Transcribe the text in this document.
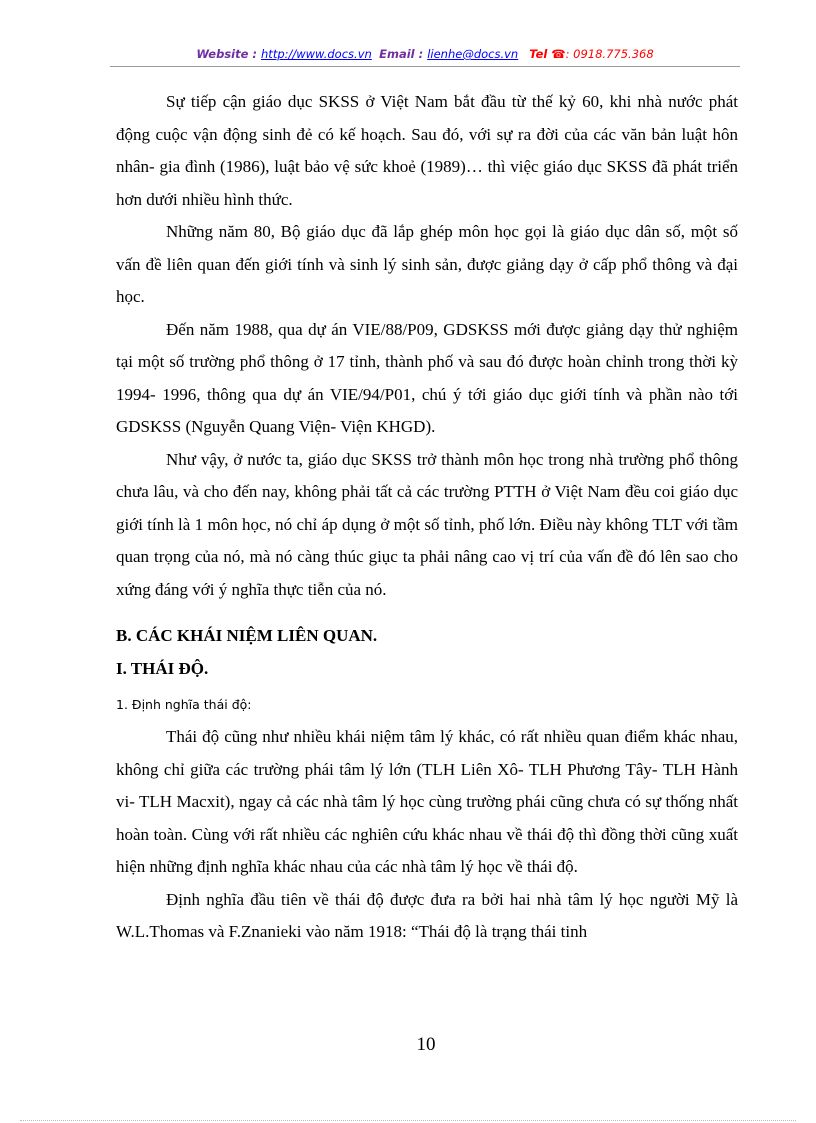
Website : http://www.docs.vn Email : lienhe@docs.vn Tel ☎: 0918.775.368

Sự tiếp cận giáo dục SKSS ở Việt Nam bắt đầu từ thế kỷ 60, khi nhà nước phát động cuộc vận động sinh đẻ có kế hoạch. Sau đó, với sự ra đời của các văn bản luật hôn nhân- gia đình (1986), luật bảo vệ sức khoẻ (1989)… thì việc giáo dục SKSS đã phát triển hơn dưới nhiều hình thức.

Những năm 80, Bộ giáo dục đã lắp ghép môn học gọi là giáo dục dân số, một số vấn đề liên quan đến giới tính và sinh lý sinh sản, được giảng dạy ở cấp phổ thông và đại học.

Đến năm 1988, qua dự án VIE/88/P09, GDSKSS mới được giảng dạy thử nghiệm tại một số trường phổ thông ở 17 tỉnh, thành phố và sau đó được hoàn chỉnh trong thời kỳ 1994- 1996, thông qua dự án VIE/94/P01, chú ý tới giáo dục giới tính và phần nào tới GDSKSS (Nguyễn Quang Viện- Viện KHGD).

Như vậy, ở nước ta, giáo dục SKSS trở thành môn học trong nhà trường phổ thông chưa lâu, và cho đến nay, không phải tất cả các trường PTTH ở Việt Nam đều coi giáo dục giới tính là 1 môn học, nó chỉ áp dụng ở một số tỉnh, phố lớn. Điều này không TLT với tầm quan trọng của nó, mà nó càng thúc giục ta phải nâng cao vị trí của vấn đề đó lên sao cho xứng đáng với ý nghĩa thực tiễn của nó.

B. CÁC KHÁI NIỆM LIÊN QUAN.
I. THÁI ĐỘ.

1. Định nghĩa thái độ:

Thái độ cũng như nhiều khái niệm tâm lý khác, có rất nhiều quan điểm khác nhau, không chỉ giữa các trường phái tâm lý lớn (TLH Liên Xô- TLH Phương Tây- TLH Hành vi- TLH Macxit), ngay cả các nhà tâm lý học cùng trường phái cũng chưa có sự thống nhất hoàn toàn. Cùng với rất nhiều các nghiên cứu khác nhau về thái độ thì đồng thời cũng xuất hiện những định nghĩa khác nhau của các nhà tâm lý học về thái độ.

Định nghĩa đầu tiên về thái độ được đưa ra bởi hai nhà tâm lý học người Mỹ là W.L.Thomas và F.Znanieki vào năm 1918: “Thái độ là trạng thái tinh

10
